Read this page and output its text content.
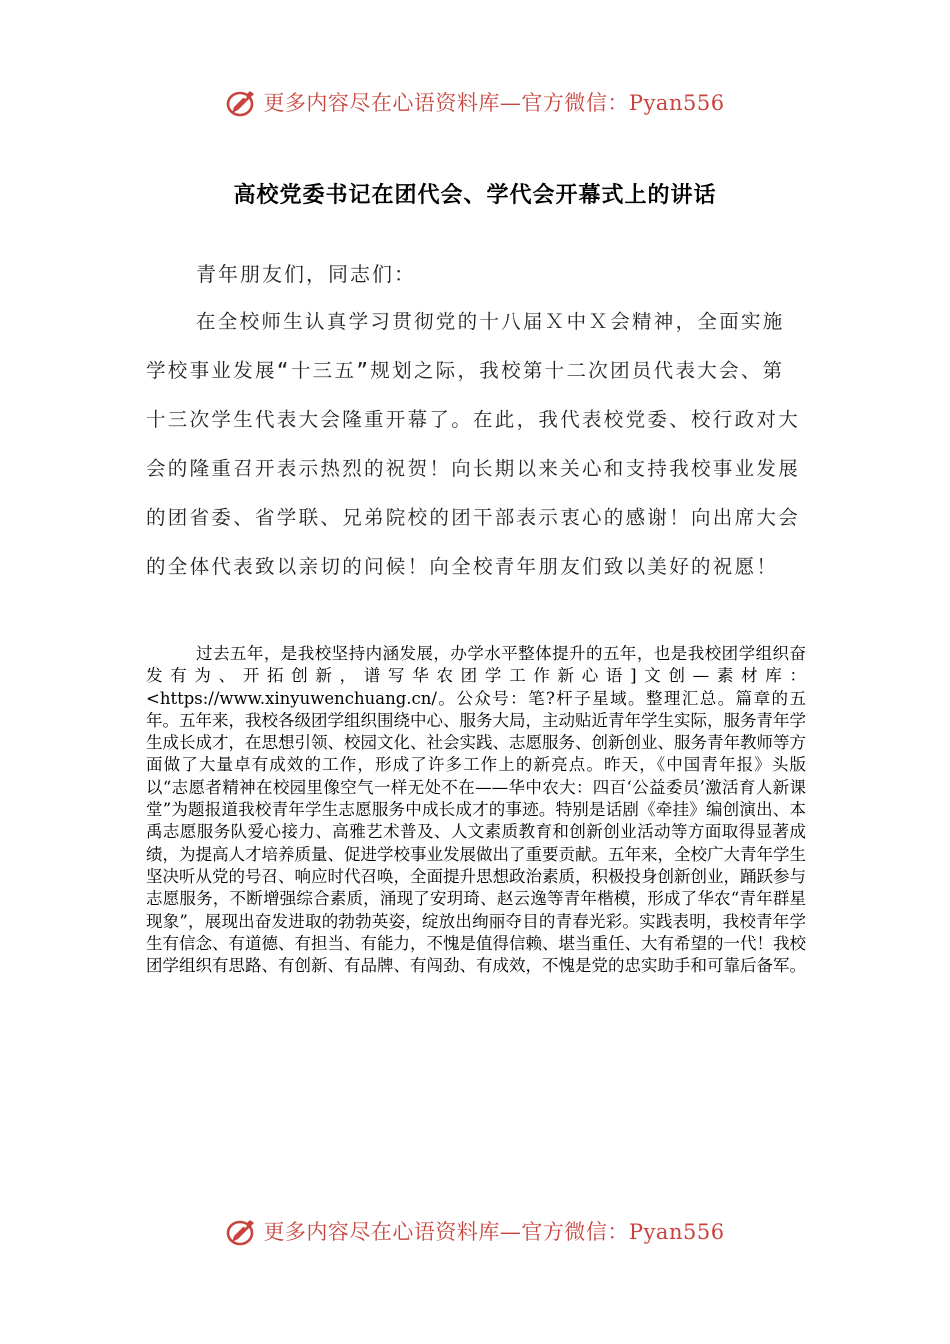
更多内容尽在心语资料库—官方微信：Pyan556
高校党委书记在团代会、学代会开幕式上的讲话
青年朋友们，同志们：

在全校师生认真学习贯彻党的十八届Ｘ中Ｘ会精神，全面实施学校事业发展“十三五”规划之际，我校第十二次团员代表大会、第十三次学生代表大会隆重开幕了。在此，我代表校党委、校行政对大会的隆重召开表示热烈的祝贺！向长期以来关心和支持我校事业发展的团省委、省学联、兄弟院校的团干部表示衷心的感谢！向出席大会的全体代表致以亲切的问候！向全校青年朋友们致以美好的祝愿！

过去五年，是我校坚持内涵发展，办学水平整体提升的五年，也是我校团学组织奋发有为、开拓创新，谱写华农团学工作新心语]文创—素材库：<https://www.xinyuwenchuang.cn/。公众号：笔?杆子星域。整理汇总。篇章的五年。五年来，我校各级团学组织围绕中心、服务大局，主动贴近青年学生实际，服务青年学生成长成才，在思想引领、校园文化、社会实践、志愿服务、创新创业、服务青年教师等方面做了大量卓有成效的工作，形成了许多工作上的新亮点。昨天，《中国青年报》头版以“志愿者精神在校园里像空气一样无处不在——华中农大：四百‘公益委员’激活育人新课堂”为题报道我校青年学生志愿服务中成长成才的事迹。特别是话剧《牵挂》编创演出、本禹志愿服务队爱心接力、高雅艺术普及、人文素质教育和创新创业活动等方面取得显著成绩，为提高人才培养质量、促进学校事业发展做出了重要贡献。五年来，全校广大青年学生坚决听从党的号召、响应时代召唤，全面提升思想政治素质，积极投身创新创业，踊跃参与志愿服务，不断增强综合素质，涌现了安玥琦、赵云逸等青年楷模，形成了华农“青年群星现象”，展现出奋发进取的勃勃英姿，绽放出绚丽夺目的青春光彩。实践表明，我校青年学生有信念、有道德、有担当、有能力，不愧是值得信赖、堪当重任、大有希望的一代！我校团学组织有思路、有创新、有品牌、有闯劲、有成效，不愧是党的忠实助手和可靠后备军。

更多内容尽在心语资料库—官方微信：Pyan556
